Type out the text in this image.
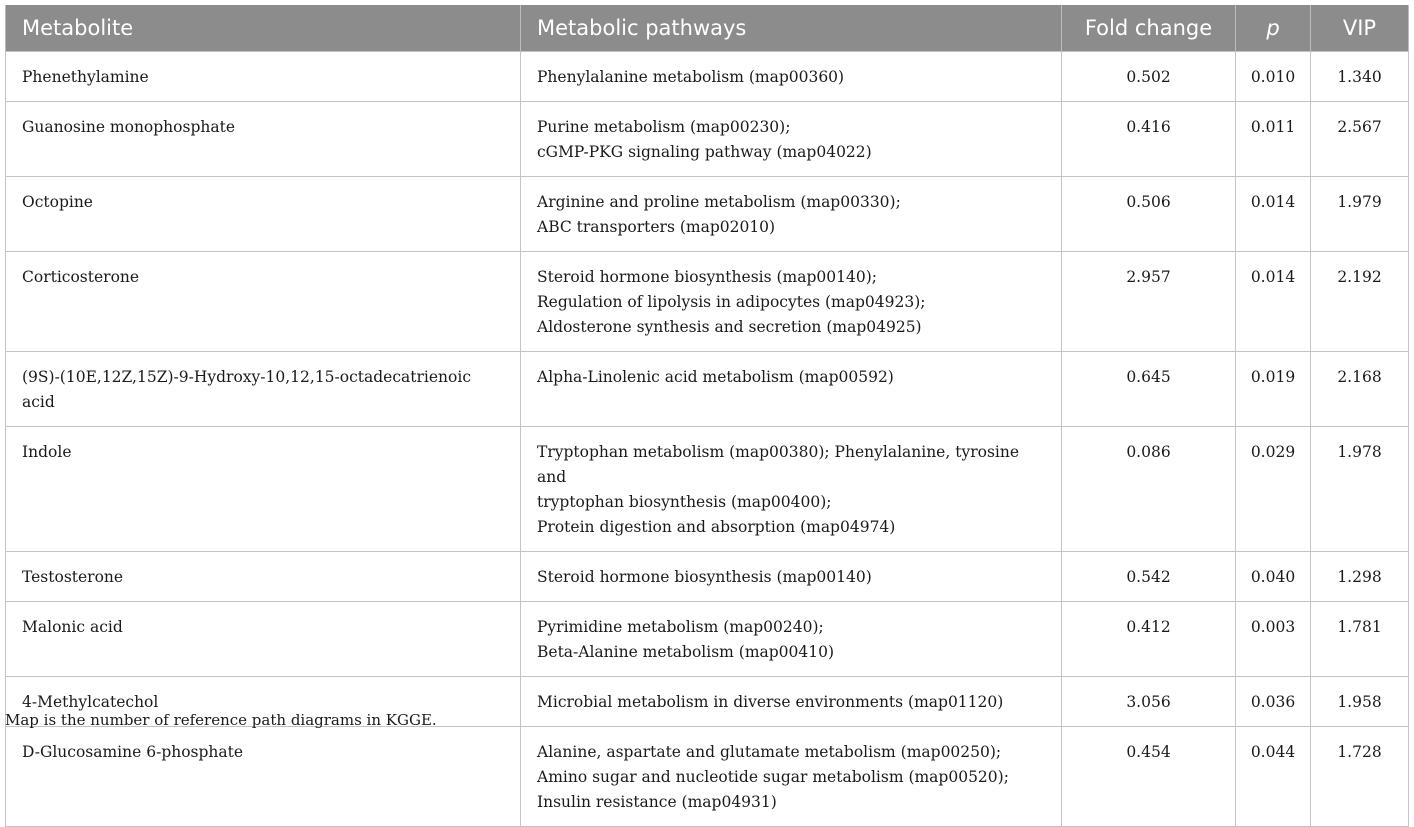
Metabolite	Metabolic pathways	Fold change	p	VIP
Phenethylamine	Phenylalanine metabolism (map00360)	0.502	0.010	1.340
Guanosine monophosphate	Purine metabolism (map00230);
cGMP-PKG signaling pathway (map04022)	0.416	0.011	2.567
Octopine	Arginine and proline metabolism (map00330);
ABC transporters (map02010)	0.506	0.014	1.979
Corticosterone	Steroid hormone biosynthesis (map00140);
Regulation of lipolysis in adipocytes (map04923);
Aldosterone synthesis and secretion (map04925)	2.957	0.014	2.192
(9S)-(10E,12Z,15Z)-9-Hydroxy-10,12,15-octadecatrienoic acid	Alpha-Linolenic acid metabolism (map00592)	0.645	0.019	2.168
Indole	Tryptophan metabolism (map00380); Phenylalanine, tyrosine and
tryptophan biosynthesis (map00400);
Protein digestion and absorption (map04974)	0.086	0.029	1.978
Testosterone	Steroid hormone biosynthesis (map00140)	0.542	0.040	1.298
Malonic acid	Pyrimidine metabolism (map00240);
Beta-Alanine metabolism (map00410)	0.412	0.003	1.781
4-Methylcatechol	Microbial metabolism in diverse environments (map01120)	3.056	0.036	1.958
D-Glucosamine 6-phosphate	Alanine, aspartate and glutamate metabolism (map00250);
Amino sugar and nucleotide sugar metabolism (map00520);
Insulin resistance (map04931)	0.454	0.044	1.728
Map is the number of reference path diagrams in KGGE.
